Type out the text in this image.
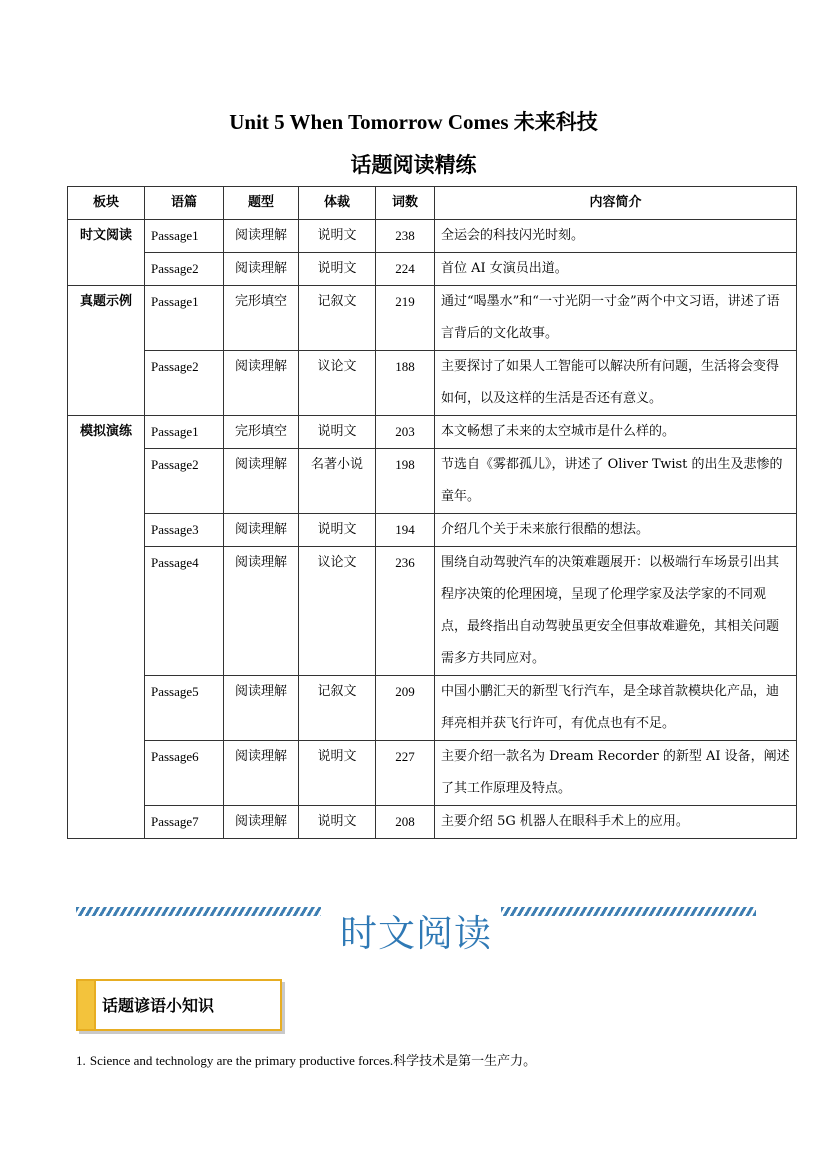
Unit 5 When Tomorrow Comes 未来科技
话题阅读精练
板块	语篇	题型	体裁	词数	内容简介
时文阅读	Passage1	阅读理解	说明文	238	全运会的科技闪光时刻。
	Passage2	阅读理解	说明文	224	首位 AI 女演员出道。
真题示例	Passage1	完形填空	记叙文	219	通过“喝墨水”和“一寸光阴一寸金”两个中文习语，讲述了语言背后的文化故事。
	Passage2	阅读理解	议论文	188	主要探讨了如果人工智能可以解决所有问题，生活将会变得如何，以及这样的生活是否还有意义。
模拟演练	Passage1	完形填空	说明文	203	本文畅想了未来的太空城市是什么样的。
	Passage2	阅读理解	名著小说	198	节选自《雾都孤儿》，讲述了 Oliver Twist 的出生及悲惨的童年。
	Passage3	阅读理解	说明文	194	介绍几个关于未来旅行很酷的想法。
	Passage4	阅读理解	议论文	236	围绕自动驾驶汽车的决策难题展开：以极端行车场景引出其程序决策的伦理困境，呈现了伦理学家及法学家的不同观点，最终指出自动驾驶虽更安全但事故难避免，其相关问题需多方共同应对。
	Passage5	阅读理解	记叙文	209	中国小鹏汇天的新型飞行汽车，是全球首款模块化产品，迪拜亮相并获飞行许可，有优点也有不足。
	Passage6	阅读理解	说明文	227	主要介绍一款名为 Dream Recorder 的新型 AI 设备，阐述了其工作原理及特点。
	Passage7	阅读理解	说明文	208	主要介绍 5G 机器人在眼科手术上的应用。
时文阅读
话题谚语小知识
1. Science and technology are the primary productive forces.科学技术是第一生产力。
